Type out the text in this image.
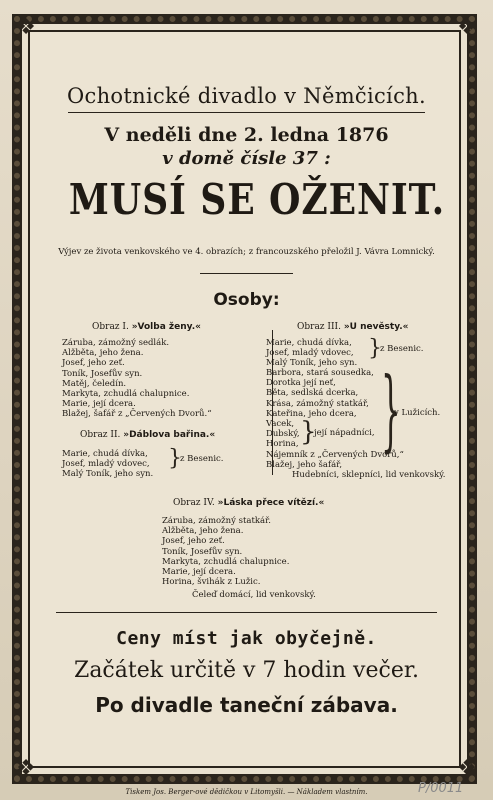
❖	❖
❖	❖
Ochotnické divadlo v Němčicích.
V neděli dne 2. ledna 1876
v domě čísle 37 :
MUSÍ SE OŽENIT.
Výjev ze života venkovského ve 4. obrazích; z francouzského přeložil J. Vávra Lomnický.
Osoby:
Obraz I. »Volba ženy.«
Záruba, zámožný sedlák.
Alžběta, jeho žena.
Josef, jeho zeť.
Toník, Josefův syn.
Matěj, čeledín.
Markyta, zchudlá chalupnice.
Marie, její dcera.
Blažej, šafář z „Červených Dvorů.“
Obraz II. »Dáblova bařina.«
Marie, chudá dívka,
Josef, mladý vdovec,
Malý Toník, jeho syn.
}
z Besenic.
Obraz III. »U nevěsty.«
Marie, chudá dívka,
Josef, mladý vdovec,
Malý Toník, jeho syn.
}
z Besenic.
Barbora, stará sousedka,
Dorotka její neť,
Běta, sedlská dcerka,
Krása, zámožný statkář,
Kateřina, jeho dcera,
Vacek,
Dubský,
Horina,
Nájemník z „Červených Dvorů,“
Blažej, jeho šafář,
}
její nápadníci, }
v Lužicích.
Hudebníci, sklepníci, lid venkovský.
Obraz IV. »Láska přece vítězí.«
Záruba, zámožný statkář.
Alžběta, jeho žena.
Josef, jeho zeť.
Toník, Josefův syn.
Markyta, zchudlá chalupnice.
Marie, její dcera.
Horina, švihák z Lužic.
Čeleď domácí, lid venkovský.
Ceny míst jak obyčejně.
Začátek určitě v 7 hodin večer.
Po divadle taneční zábava.
Tiskem Jos. Berger-ové dědičkou v Litomyšli. — Nákladem vlastním.	P/0011
